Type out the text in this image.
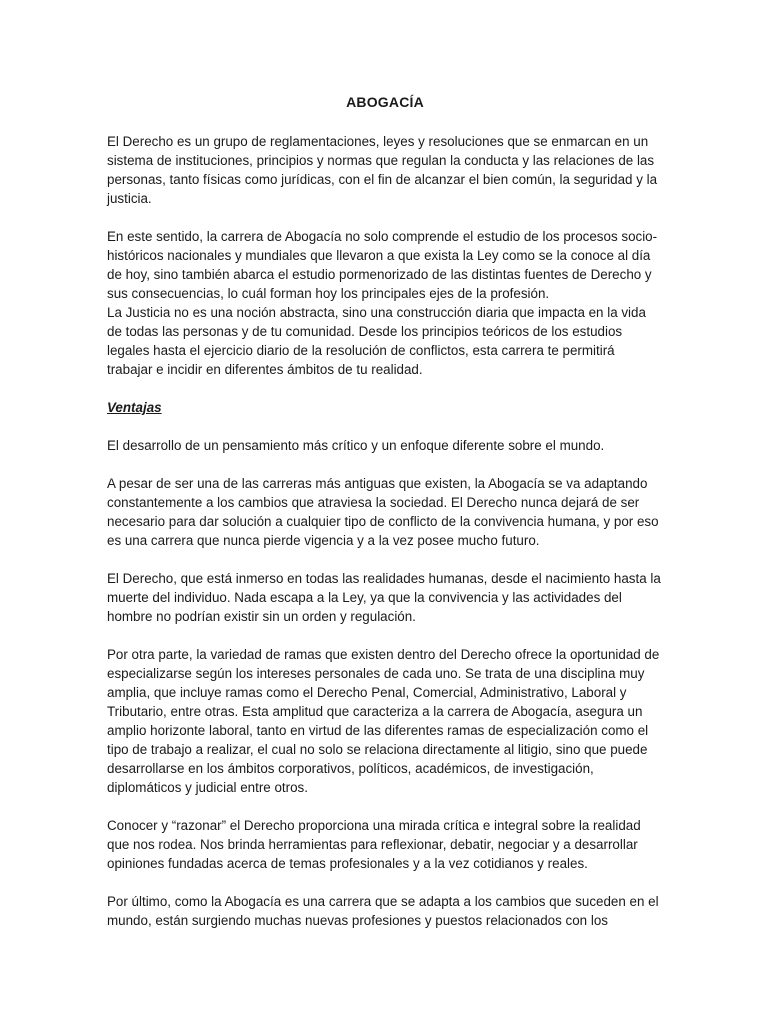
ABOGACÍA

El Derecho es un grupo de reglamentaciones, leyes y resoluciones que se enmarcan en un sistema de instituciones, principios y normas que regulan la conducta y las relaciones de las personas, tanto físicas como jurídicas, con el fin de alcanzar el bien común, la seguridad y la justicia.

En este sentido, la carrera de Abogacía no solo comprende el estudio de los procesos socio-históricos nacionales y mundiales que llevaron a que exista la Ley como se la conoce al día de hoy, sino también abarca el estudio pormenorizado de las distintas fuentes de Derecho y sus consecuencias, lo cuál forman hoy los principales ejes de la profesión.

La Justicia no es una noción abstracta, sino una construcción diaria que impacta en la vida de todas las personas y de tu comunidad. Desde los principios teóricos de los estudios legales hasta el ejercicio diario de la resolución de conflictos, esta carrera te permitirá trabajar e incidir en diferentes ámbitos de tu realidad.

Ventajas

El desarrollo de un pensamiento más crítico y un enfoque diferente sobre el mundo.

A pesar de ser una de las carreras más antiguas que existen, la Abogacía se va adaptando constantemente a los cambios que atraviesa la sociedad. El Derecho nunca dejará de ser necesario para dar solución a cualquier tipo de conflicto de la convivencia humana, y por eso es una carrera que nunca pierde vigencia y a la vez posee mucho futuro.

El Derecho, que está inmerso en todas las realidades humanas, desde el nacimiento hasta la muerte del individuo. Nada escapa a la Ley, ya que la convivencia y las actividades del hombre no podrían existir sin un orden y regulación.

Por otra parte, la variedad de ramas que existen dentro del Derecho ofrece la oportunidad de especializarse según los intereses personales de cada uno. Se trata de una disciplina muy amplia, que incluye ramas como el Derecho Penal, Comercial, Administrativo, Laboral y Tributario, entre otras. Esta amplitud que caracteriza a la carrera de Abogacía, asegura un amplio horizonte laboral, tanto en virtud de las diferentes ramas de especialización como el tipo de trabajo a realizar, el cual no solo se relaciona directamente al litigio, sino que puede desarrollarse en los ámbitos corporativos, políticos, académicos, de investigación, diplomáticos y judicial entre otros.

Conocer y “razonar” el Derecho proporciona una mirada crítica e integral sobre la realidad que nos rodea. Nos brinda herramientas para reflexionar, debatir, negociar y a desarrollar opiniones fundadas acerca de temas profesionales y a la vez cotidianos y reales.

Por último, como la Abogacía es una carrera que se adapta a los cambios que suceden en el mundo, están surgiendo muchas nuevas profesiones y puestos relacionados con los
